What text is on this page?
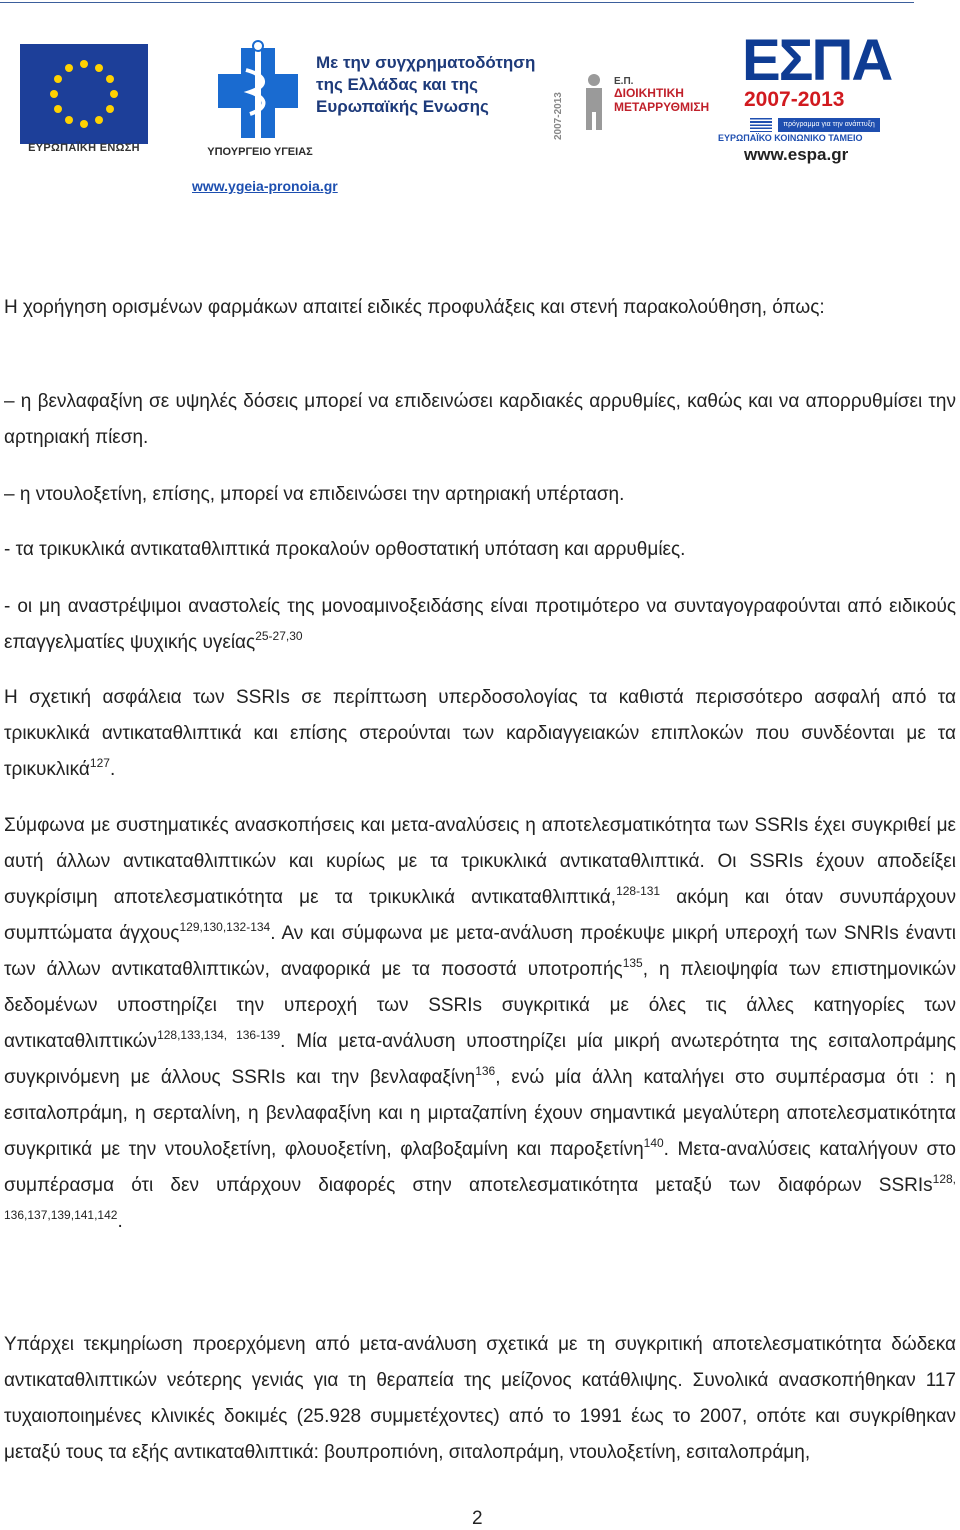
ΕΥΡΩΠΑΪΚΗ ΕΝΩΣΗ	ΥΠΟΥΡΓΕΙΟ ΥΓΕΙΑΣ
Με την συγχρηματοδότηση
της Ελλάδας και της
Ευρωπαϊκής Ενωσης
www.ygeia-pronoia.gr
2007-2013
Ε.Π.
ΔΙΟΙΚΗΤΙΚΗ
ΜΕΤΑΡΡΥΘΜΙΣΗ
ΕΣΠΑ
2007-2013
πρόγραμμα για την ανάπτυξη
ΕΥΡΩΠΑΪΚΟ ΚΟΙΝΩΝΙΚΟ ΤΑΜΕΙΟ
www.espa.gr

Η χορήγηση ορισμένων φαρμάκων απαιτεί ειδικές προφυλάξεις και στενή παρακολούθηση, όπως:

– η βενλαφαξίνη σε υψηλές δόσεις μπορεί να επιδεινώσει καρδιακές αρρυθμίες, καθώς και να απορρυθμίσει την αρτηριακή πίεση.

– η ντουλοξετίνη, επίσης, μπορεί να επιδεινώσει την αρτηριακή υπέρταση.

- τα τρικυκλικά αντικαταθλιπτικά προκαλούν ορθοστατική υπόταση και αρρυθμίες.

- οι μη αναστρέψιμοι αναστολείς της μονοαμινοξειδάσης είναι προτιμότερο να συνταγογραφούνται από ειδικούς επαγγελματίες ψυχικής υγείας$^{25-27,30}$

Η σχετική ασφάλεια των SSRIs σε περίπτωση υπερδοσολογίας τα καθιστά περισσότερο ασφαλή από τα τρικυκλικά αντικαταθλιπτικά και επίσης στερούνται των καρδιαγγειακών επιπλοκών που συνδέονται με τα τρικυκλικά$^{127}$.

Σύμφωνα με συστηματικές ανασκοπήσεις και μετα-αναλύσεις η αποτελεσματικότητα των SSRIs έχει συγκριθεί με αυτή άλλων αντικαταθλιπτικών και κυρίως με τα τρικυκλικά αντικαταθλιπτικά. Οι SSRIs έχουν αποδείξει συγκρίσιμη αποτελεσματικότητα με τα τρικυκλικά αντικαταθλιπτικά,$^{128-131}$ ακόμη και όταν συνυπάρχουν συμπτώματα άγχους$^{129,130,132-134}$. Αν και σύμφωνα με μετα-ανάλυση προέκυψε μικρή υπεροχή των SNRIs έναντι των άλλων αντικαταθλιπτικών, αναφορικά με τα ποσοστά υποτροπής$^{135}$, η πλειοψηφία των επιστημονικών δεδομένων υποστηρίζει την υπεροχή των SSRIs συγκριτικά με όλες τις άλλες κατηγορίες των αντικαταθλιπτικών$^{128,133,134, 136-139}$. Μία μετα-ανάλυση υποστηρίζει μία μικρή ανωτερότητα της εσιταλοπράμης συγκρινόμενη με άλλους SSRIs και την βενλαφαξίνη$^{136}$, ενώ μία άλλη καταλήγει στο συμπέρασμα ότι : η εσιταλοπράμη, η σερταλίνη, η βενλαφαξίνη και η μιρταζαπίνη έχουν σημαντικά μεγαλύτερη αποτελεσματικότητα συγκριτικά με την ντουλοξετίνη, φλουοξετίνη, φλαβοξαμίνη και παροξετίνη$^{140}$. Μετα-αναλύσεις καταλήγουν στο συμπέρασμα ότι δεν υπάρχουν διαφορές στην αποτελεσματικότητα μεταξύ των διαφόρων SSRIs$^{128, 136,137,139,141,142}$.

Υπάρχει τεκμηρίωση προερχόμενη από μετα-ανάλυση σχετικά με τη συγκριτική αποτελεσματικότητα δώδεκα αντικαταθλιπτικών νεότερης γενιάς για τη θεραπεία της μείζονος κατάθλιψης. Συνολικά ανασκοπήθηκαν 117 τυχαιοποιημένες κλινικές δοκιμές (25.928 συμμετέχοντες) από το 1991 έως το 2007, οπότε και συγκρίθηκαν μεταξύ τους τα εξής αντικαταθλιπτικά: βουπροπιόνη, σιταλοπράμη, ντουλοξετίνη, εσιταλοπράμη,

2
